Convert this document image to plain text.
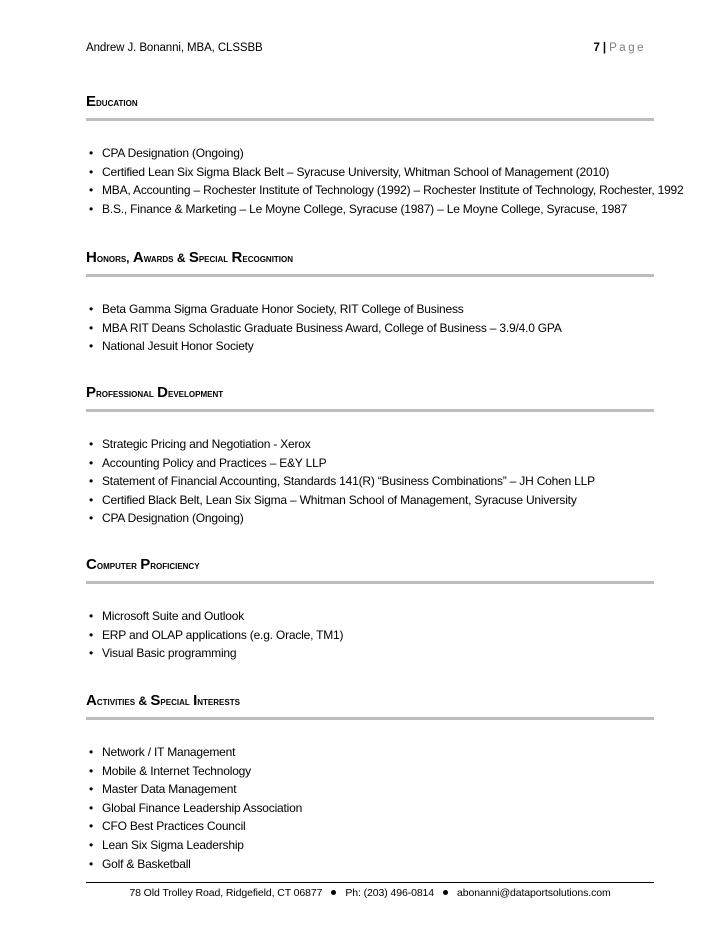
Andrew J. Bonanni, MBA, CLSSBB	7 | Page
Education
• CPA Designation (Ongoing)
• Certified Lean Six Sigma Black Belt – Syracuse University, Whitman School of Management (2010)
• MBA, Accounting – Rochester Institute of Technology (1992) – Rochester Institute of Technology, Rochester, 1992
• B.S., Finance & Marketing – Le Moyne College, Syracuse (1987) – Le Moyne College, Syracuse, 1987
Honors, Awards & Special Recognition
• Beta Gamma Sigma Graduate Honor Society, RIT College of Business
• MBA RIT Deans Scholastic Graduate Business Award, College of Business – 3.9/4.0 GPA
• National Jesuit Honor Society
Professional Development
• Strategic Pricing and Negotiation - Xerox
• Accounting Policy and Practices – E&Y LLP
• Statement of Financial Accounting, Standards 141(R) “Business Combinations” – JH Cohen LLP
• Certified Black Belt, Lean Six Sigma – Whitman School of Management, Syracuse University
• CPA Designation (Ongoing)
Computer Proficiency
• Microsoft Suite and Outlook
• ERP and OLAP applications (e.g. Oracle, TM1)
• Visual Basic programming
Activities & Special Interests
• Network / IT Management
• Mobile & Internet Technology
• Master Data Management
• Global Finance Leadership Association
• CFO Best Practices Council
• Lean Six Sigma Leadership
• Golf & Basketball
78 Old Trolley Road, Ridgefield, CT 06877 Ph: (203) 496-0814 abonanni@dataportsolutions.com
